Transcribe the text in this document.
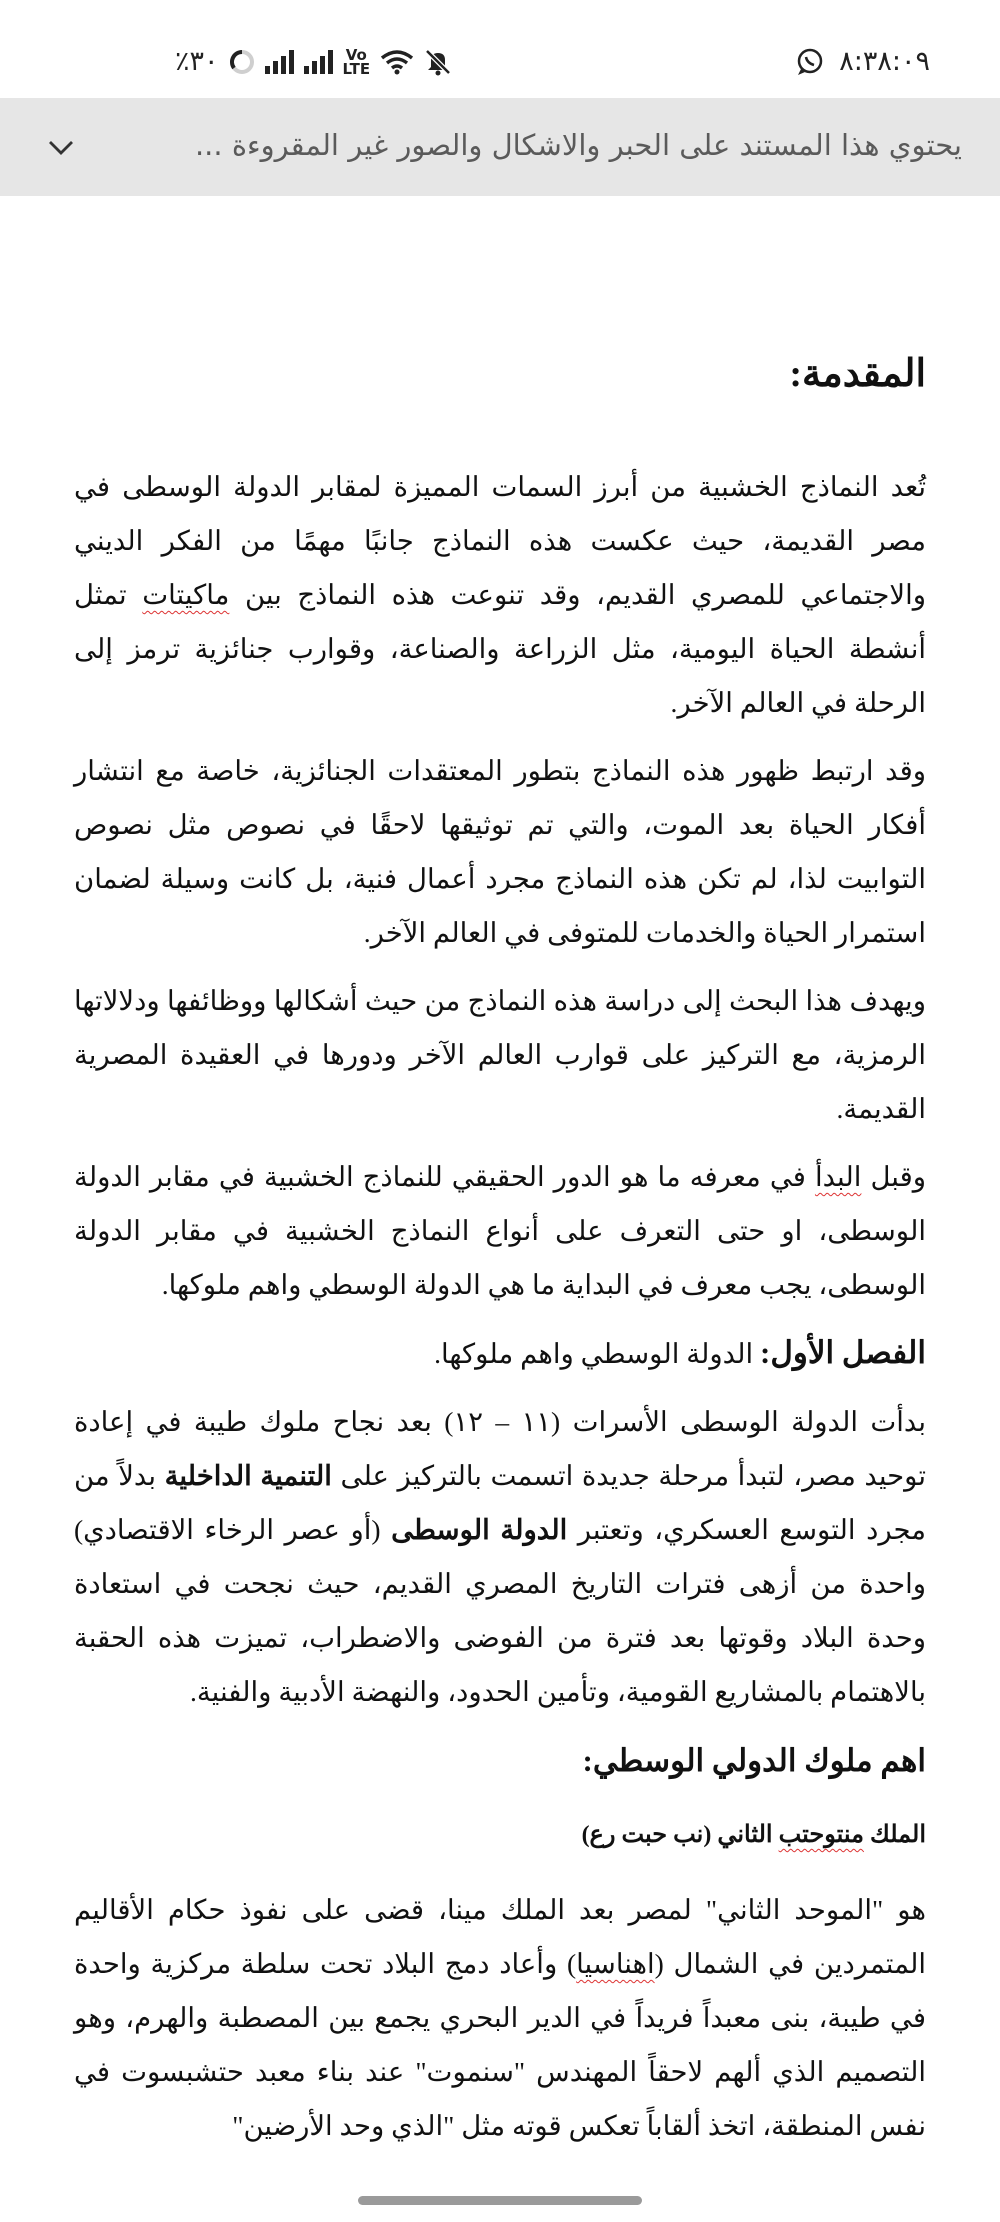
٪٣٠	Vo
LTE	٨:٣٨:٠٩
يحتوي هذا المستند على الحبر والاشكال والصور غير المقروءة ...
المقدمة:

تُعد النماذج الخشبية من أبرز السمات المميزة لمقابر الدولة الوسطى في مصر القديمة، حيث عكست هذه النماذج جانبًا مهمًا من الفكر الديني والاجتماعي للمصري القديم، وقد تنوعت هذه النماذج بين ماكيتات تمثل أنشطة الحياة اليومية، مثل الزراعة والصناعة، وقوارب جنائزية ترمز إلى الرحلة في العالم الآخر.

وقد ارتبط ظهور هذه النماذج بتطور المعتقدات الجنائزية، خاصة مع انتشار أفكار الحياة بعد الموت، والتي تم توثيقها لاحقًا في نصوص مثل نصوص التوابيت لذا، لم تكن هذه النماذج مجرد أعمال فنية، بل كانت وسيلة لضمان استمرار الحياة والخدمات للمتوفى في العالم الآخر.

ويهدف هذا البحث إلى دراسة هذه النماذج من حيث أشكالها ووظائفها ودلالاتها الرمزية، مع التركيز على قوارب العالم الآخر ودورها في العقيدة المصرية القديمة.

وقبل البدأ في معرفه ما هو الدور الحقيقي للنماذج الخشبية في مقابر الدولة الوسطى، او حتى التعرف على أنواع النماذج الخشبية في مقابر الدولة الوسطى، يجب معرف في البداية ما هي الدولة الوسطي واهم ملوكها.

الفصل الأول: الدولة الوسطي واهم ملوكها.

بدأت الدولة الوسطى الأسرات (١١ – ١٢) بعد نجاح ملوك طيبة في إعادة توحيد مصر، لتبدأ مرحلة جديدة اتسمت بالتركيز على التنمية الداخلية بدلاً من مجرد التوسع العسكري، وتعتبر الدولة الوسطى (أو عصر الرخاء الاقتصادي) واحدة من أزهى فترات التاريخ المصري القديم، حيث نجحت في استعادة وحدة البلاد وقوتها بعد فترة من الفوضى والاضطراب، تميزت هذه الحقبة بالاهتمام بالمشاريع القومية، وتأمين الحدود، والنهضة الأدبية والفنية.

اهم ملوك الدولي الوسطي:
الملك منتوحتب الثاني (نب حبت رع)

هو "الموحد الثاني" لمصر بعد الملك مينا، قضى على نفوذ حكام الأقاليم المتمردين في الشمال (اهناسيا) وأعاد دمج البلاد تحت سلطة مركزية واحدة في طيبة، بنى معبداً فريداً في الدير البحري يجمع بين المصطبة والهرم، وهو التصميم الذي ألهم لاحقاً المهندس "سنموت" عند بناء معبد حتشبسوت في نفس المنطقة، اتخذ ألقاباً تعكس قوته مثل "الذي وحد الأرضين"
